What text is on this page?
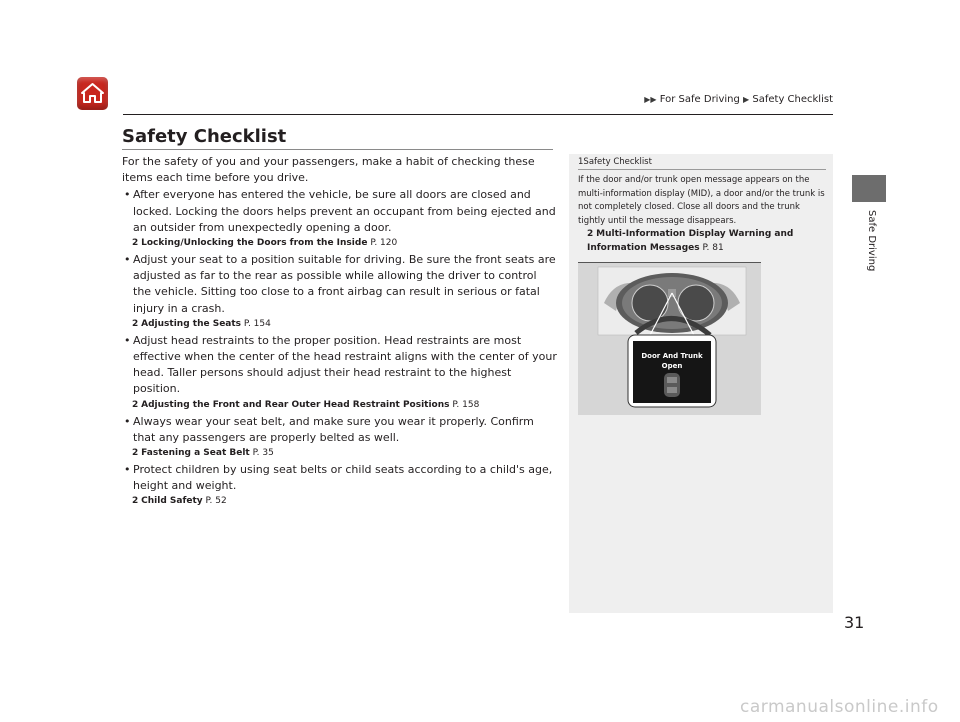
▶▶ For Safe Driving ▶ Safety Checklist
Safety Checklist

For the safety of you and your passengers, make a habit of checking these items each time before you drive.

• After everyone has entered the vehicle, be sure all doors are closed and locked. Locking the doors helps prevent an occupant from being ejected and an outsider from unexpectedly opening a door.
2 Locking/Unlocking the Doors from the Inside P. 120
• Adjust your seat to a position suitable for driving. Be sure the front seats are adjusted as far to the rear as possible while allowing the driver to control the vehicle. Sitting too close to a front airbag can result in serious or fatal injury in a crash.
2 Adjusting the Seats P. 154
• Adjust head restraints to the proper position. Head restraints are most effective when the center of the head restraint aligns with the center of your head. Taller persons should adjust their head restraint to the highest position.
2 Adjusting the Front and Rear Outer Head Restraint Positions P. 158
• Always wear your seat belt, and make sure you wear it properly. Confirm that any passengers are properly belted as well.
2 Fastening a Seat Belt P. 35
• Protect children by using seat belts or child seats according to a child's age, height and weight.
2 Child Safety P. 52
1Safety Checklist
If the door and/or trunk open message appears on the multi-information display (MID), a door and/or the trunk is not completely closed. Close all doors and the trunk tightly until the message disappears.
2 Multi-Information Display Warning and Information Messages P. 81
Door And Trunk
Open
Safe Driving
31
carmanualsonline.info
